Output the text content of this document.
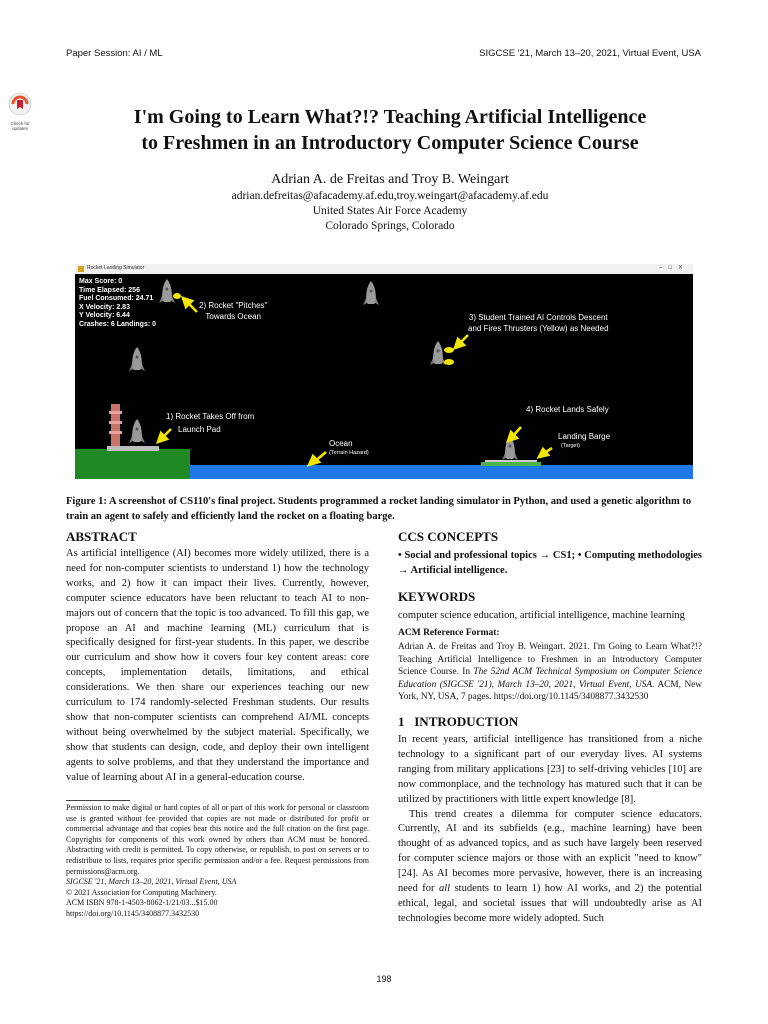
Paper Session: AI / ML	SIGCSE '21, March 13–20, 2021, Virtual Event, USA
Check for
updates
I'm Going to Learn What?!? Teaching Artificial Intelligence
to Freshmen in an Introductory Computer Science Course
Adrian A. de Freitas and Troy B. Weingart
adrian.defreitas@afacademy.af.edu,troy.weingart@afacademy.af.edu
United States Air Force Academy
Colorado Springs, Colorado
Rocket Landing Simulator	–□✕
Max Score: 0
Time Elapsed: 256
Fuel Consumed: 24.71
X Velocity: 2.83
Y Velocity: 6.44
Crashes: 6 Landings: 0
2) Rocket "Pitches"
Towards Ocean	3) Student Trained AI Controls Descent
and Fires Thrusters (Yellow) as Needed
1) Rocket Takes Off from
Launch Pad
4) Rocket Lands Safely
Landing Barge
(Target)
Ocean
(Terrain Hazard)
Figure 1: A screenshot of CS110's final project. Students programmed a rocket landing simulator in Python, and used a genetic algorithm to train an agent to safely and efficiently land the rocket on a floating barge.
ABSTRACT
As artificial intelligence (AI) becomes more widely utilized, there is a need for non-computer scientists to understand 1) how the technology works, and 2) how it can impact their lives. Currently, however, computer science educators have been reluctant to teach AI to non-majors out of concern that the topic is too advanced. To fill this gap, we propose an AI and machine learning (ML) curriculum that is specifically designed for first-year students. In this paper, we describe our curriculum and show how it covers four key content areas: core concepts, implementation details, limitations, and ethical considerations. We then share our experiences teaching our new curriculum to 174 randomly-selected Freshman students. Our results show that non-computer scientists can comprehend AI/ML concepts without being overwhelmed by the subject material. Specifically, we show that students can design, code, and deploy their own intelligent agents to solve problems, and that they understand the importance and value of learning about AI in a general-education course.
Permission to make digital or hard copies of all or part of this work for personal or classroom use is granted without fee provided that copies are not made or distributed for profit or commercial advantage and that copies bear this notice and the full citation on the first page. Copyrights for components of this work owned by others than ACM must be honored. Abstracting with credit is permitted. To copy otherwise, or republish, to post on servers or to redistribute to lists, requires prior specific permission and/or a fee. Request permissions from permissions@acm.org.
SIGCSE '21, March 13–20, 2021, Virtual Event, USA
© 2021 Association for Computing Machinery.
ACM ISBN 978-1-4503-8062-1/21/03...$15.00
https://doi.org/10.1145/3408877.3432530
CCS CONCEPTS
• Social and professional topics → CS1; • Computing methodologies → Artificial intelligence.
KEYWORDS
computer science education, artificial intelligence, machine learning
ACM Reference Format:
Adrian A. de Freitas and Troy B. Weingart. 2021. I'm Going to Learn What?!? Teaching Artificial Intelligence to Freshmen in an Introductory Computer Science Course. In The 52nd ACM Technical Symposium on Computer Science Education (SIGCSE '21), March 13–20, 2021, Virtual Event, USA. ACM, New York, NY, USA, 7 pages. https://doi.org/10.1145/3408877.3432530
1   INTRODUCTION
In recent years, artificial intelligence has transitioned from a niche technology to a significant part of our everyday lives. AI systems ranging from military applications [23] to self-driving vehicles [10] are now commonplace, and the technology has matured such that it can be utilized by practitioners with little expert knowledge [8].
This trend creates a dilemma for computer science educators. Currently, AI and its subfields (e.g., machine learning) have been thought of as advanced topics, and as such have largely been reserved for computer science majors or those with an explicit "need to know" [24]. As AI becomes more pervasive, however, there is an increasing need for all students to learn 1) how AI works, and 2) the potential ethical, legal, and societal issues that will undoubtedly arise as AI technologies become more widely adopted. Such
198
